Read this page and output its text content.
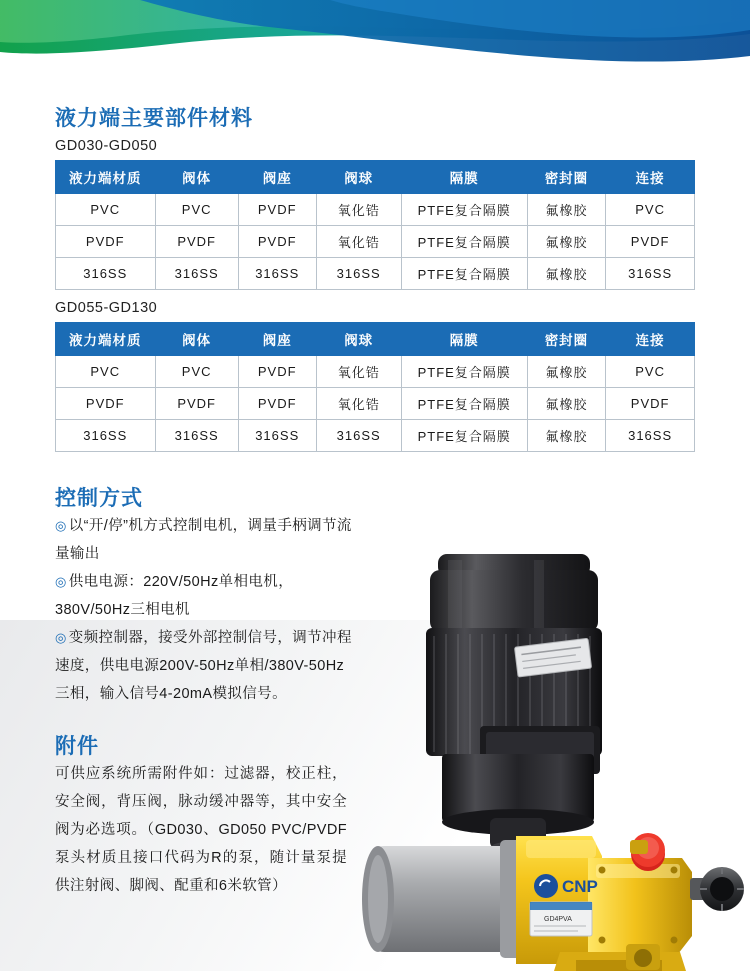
液力端主要部件材料
GD030-GD050
液力端材质	阀体	阀座	阀球	隔膜	密封圈	连接
PVC	PVC	PVDF	氧化锆	PTFE复合隔膜	氟橡胶	PVC
PVDF	PVDF	PVDF	氧化锆	PTFE复合隔膜	氟橡胶	PVDF
316SS	316SS	316SS	316SS	PTFE复合隔膜	氟橡胶	316SS
GD055-GD130
液力端材质	阀体	阀座	阀球	隔膜	密封圈	连接
PVC	PVC	PVDF	氧化锆	PTFE复合隔膜	氟橡胶	PVC
PVDF	PVDF	PVDF	氧化锆	PTFE复合隔膜	氟橡胶	PVDF
316SS	316SS	316SS	316SS	PTFE复合隔膜	氟橡胶	316SS
控制方式
◎ 以“开/停”机方式控制电机，调量手柄调节流量输出
◎ 供电电源：220V/50Hz单相电机，380V/50Hz三相电机
◎ 变频控制器，接受外部控制信号，调节冲程速度，供电电源200V-50Hz单相/380V-50Hz三相，输入信号4-20mA模拟信号。
附件
可供应系统所需附件如：过滤器，校正柱，安全阀，背压阀，脉动缓冲器等，其中安全阀为必选项。（GD030、GD050 PVC/PVDF泵头材质且接口代码为R的泵，随计量泵提供注射阀、脚阀、配重和6米软管）	CNP
GD4PVA
